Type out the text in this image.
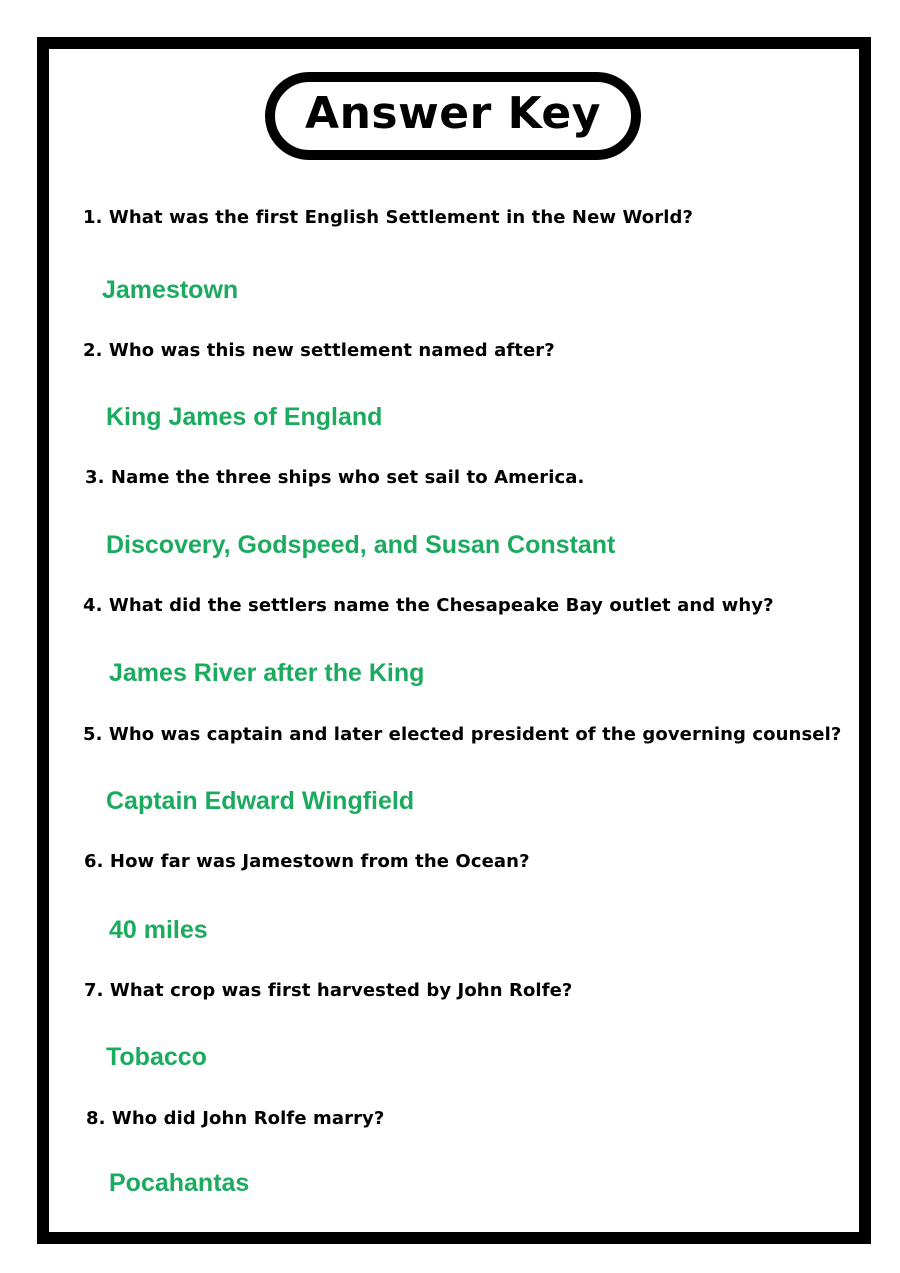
Answer Key
1. What was the first English Settlement in the New World?
Jamestown
2. Who was this new settlement named after?
King James of England
3. Name the three ships who set sail to America.
Discovery, Godspeed, and Susan Constant
4. What did the settlers name the Chesapeake Bay outlet and why?
James River after the King
5. Who was captain and later elected president of the governing counsel?
Captain Edward Wingfield
6. How far was Jamestown from the Ocean?
40 miles
7. What crop was first harvested by John Rolfe?
Tobacco
8. Who did John Rolfe marry?
Pocahantas
